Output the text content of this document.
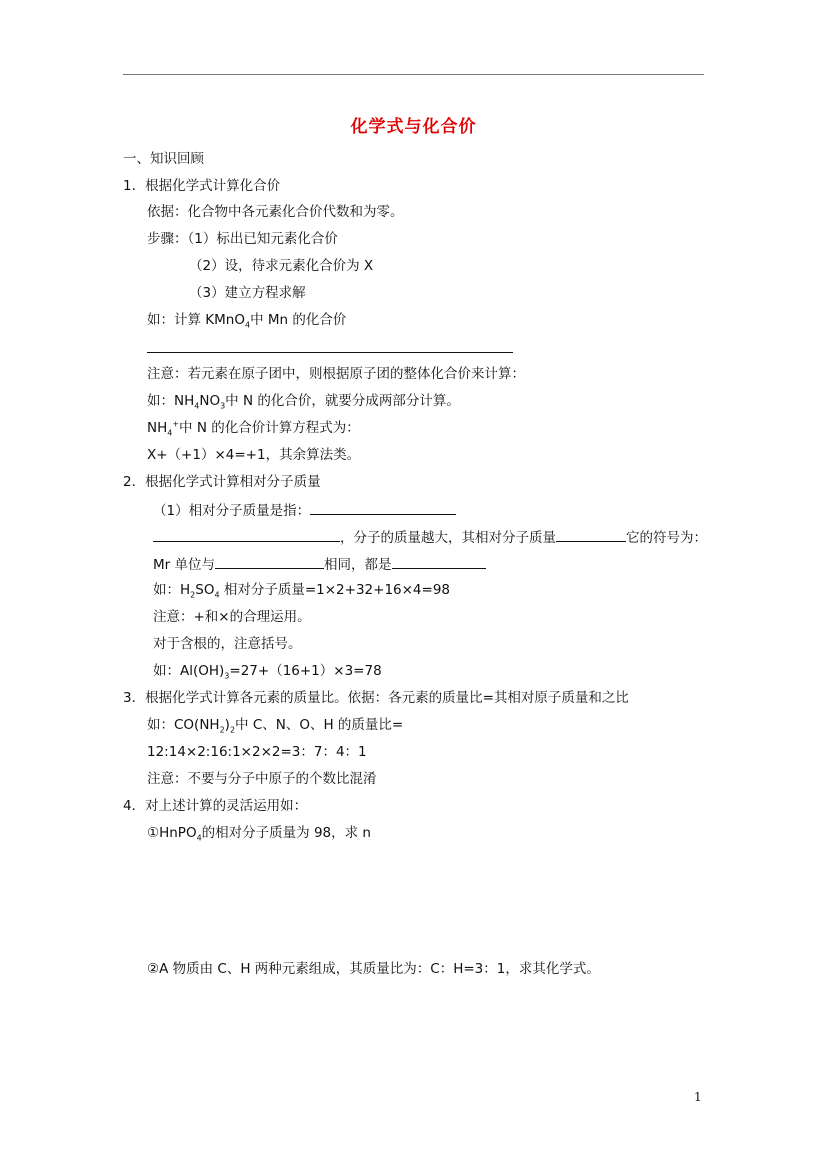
化学式与化合价
一、知识回顾
1．根据化学式计算化合价
依据：化合物中各元素化合价代数和为零。
步骤：（1）标出已知元素化合价
（2）设，待求元素化合价为 X
（3）建立方程求解
如：计算 KMnO$_4$中 Mn 的化合价
注意：若元素在原子团中，则根据原子团的整体化合价来计算：
如：$NH_4NO_3$中 N 的化合价，就要分成两部分计算。
$NH_4^+$中 N 的化合价计算方程式为：
X+（+1）×4=+1，其余算法类。
2．根据化学式计算相对分子质量
（1）相对分子质量是指：
，分子的质量越大，其相对分子质量	它的符号为：
Mr 单位与	相同，都是
如：$H_2SO_4$ 相对分子质量=1×2+32+16×4=98
注意：+和×的合理运用。
对于含根的，注意括号。
如：$Al(OH)_3=27+(16+1)\times 3=78$
3．根据化学式计算各元素的质量比。依据：各元素的质量比=其相对原子质量和之比
如：$CO(NH_2)_2$中 C、N、O、H 的质量比=
12:14×2:16:1×2×2=3：7：4：1
注意：不要与分子中原子的个数比混淆
4．对上述计算的灵活运用如：
①HnPO$_4$的相对分子质量为 98，求 n
②A 物质由 C、H 两种元素组成，其质量比为：C：H=3：1，求其化学式。
1
